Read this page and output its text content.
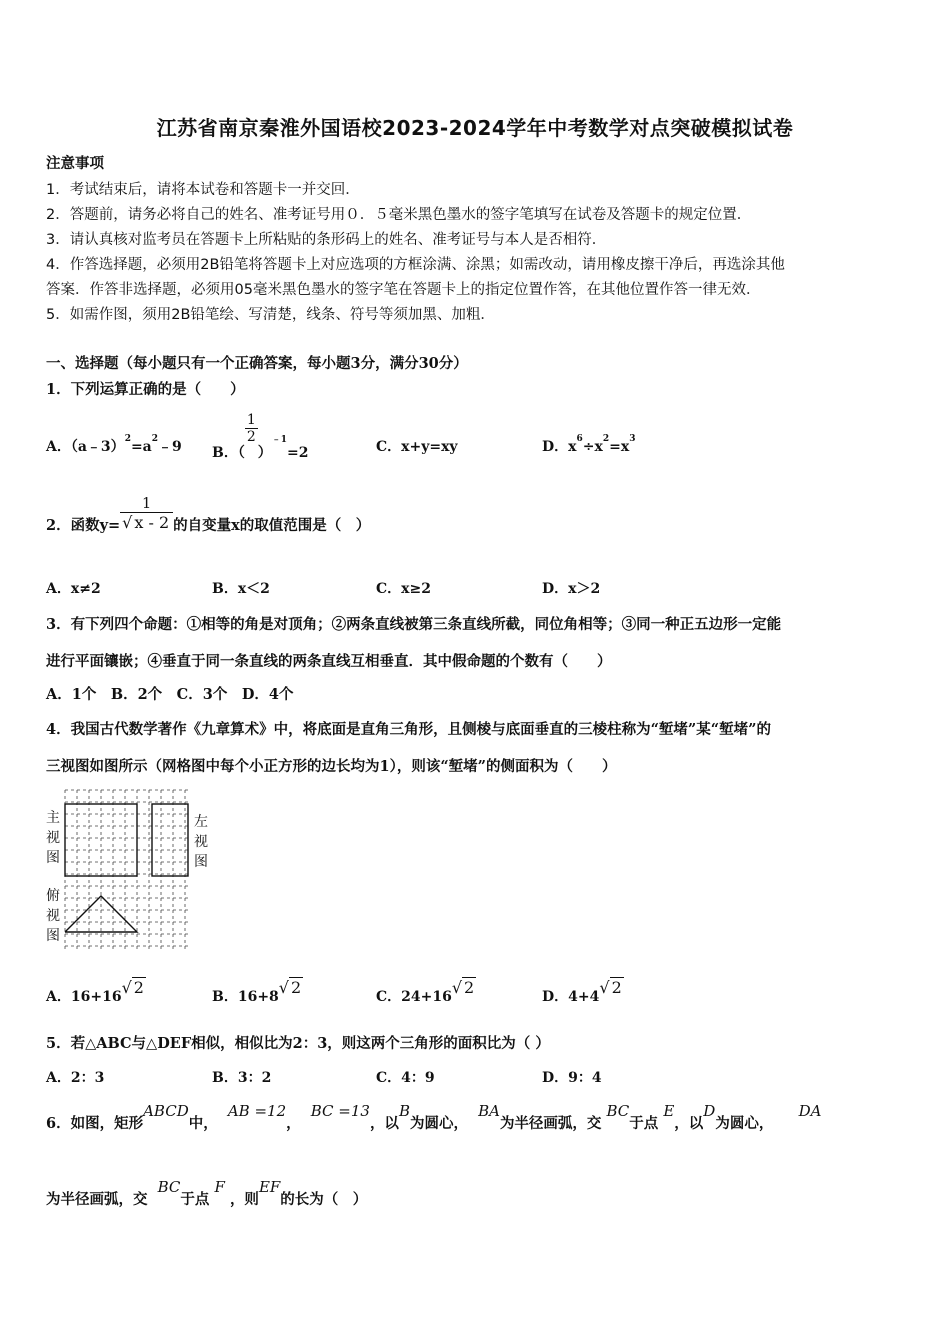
江苏省南京秦淮外国语校2023-2024学年中考数学对点突破模拟试卷
注意事项
1．考试结束后，请将本试卷和答题卡一并交回．
2．答题前，请务必将自己的姓名、准考证号用０．５毫米黑色墨水的签字笔填写在试卷及答题卡的规定位置．
3．请认真核对监考员在答题卡上所粘贴的条形码上的姓名、准考证号与本人是否相符．
4．作答选择题，必须用2B铅笔将答题卡上对应选项的方框涂满、涂黑；如需改动，请用橡皮擦干净后，再选涂其他
答案．作答非选择题，必须用05毫米黑色墨水的签字笔在答题卡上的指定位置作答，在其他位置作答一律无效．
5．如需作图，须用2B铅笔绘、写清楚，线条、符号等须加黑、加粗．
一、选择题（每小题只有一个正确答案，每小题3分，满分30分）
1．下列运算正确的是（　　）
A．$(a﹣3)^2=a^2﹣9$ B．（
$\frac{1}{2}$
）$^{﹣1}$=2	C．x+y=xy	D．$x^6\div x^2=x^3$
2．函数$y= \frac{1}{√ x - 2}$ 的自变量x的取值范围是（　）
A．x≠2	B．x＜2	C．x≥2	D．x＞2
3．有下列四个命题：①相等的角是对顶角；②两条直线被第三条直线所截，同位角相等；③同一种正五边形一定能
进行平面镶嵌；④垂直于同一条直线的两条直线互相垂直．其中假命题的个数有（　　）
A．1个　B．2个　C．3个　D．4个
4．我国古代数学著作《九章算术》中，将底面是直角三角形，且侧棱与底面垂直的三棱柱称为“堑堵”某“堑堵”的
三视图如图所示（网格图中每个小正方形的边长均为1），则该“堑堵”的侧面积为（　　）
主
视
图
左
视
图
俯
视
图
A．16+16√ 2	B．16+8√ 2	C．24+16√ 2	D．4+4√ 2
5．若△ABC与△DEF相似，相似比为2：3，则这两个三角形的面积比为（ ）
A．2：3	B．3：2	C．4：9	D．9：4
6．如图，矩形ABCD中，  AB =12，  BC =13，以B为圆心，  BA为半径画弧，交 BC于点 E，以D为圆心，     DA
为半径画弧，交  BC于点 F ，则EF的长为（　）
